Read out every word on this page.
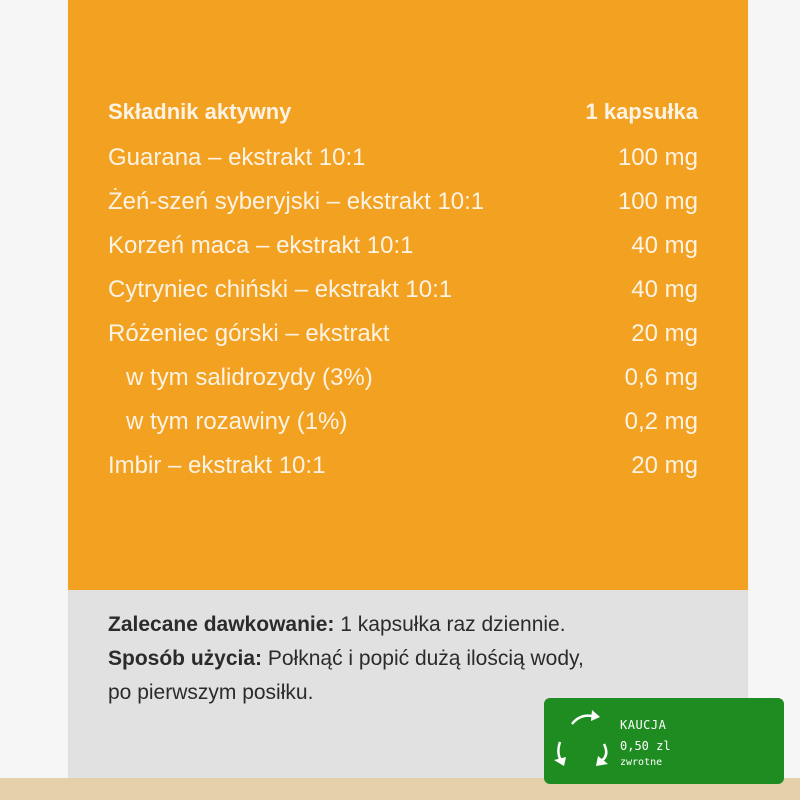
Składnik aktywny	1 kapsułka
Guarana – ekstrakt 10:1	100 mg
Żeń-szeń syberyjski – ekstrakt 10:1	100 mg
Korzeń maca – ekstrakt 10:1	40 mg
Cytryniec chiński – ekstrakt 10:1	40 mg
Różeniec górski – ekstrakt	20 mg
w tym salidrozydy (3%)	0,6 mg
w tym rozawiny (1%)	0,2 mg
Imbir – ekstrakt 10:1	20 mg

Zalecane dawkowanie: 1 kapsułka raz dziennie.

Sposób użycia: Połknąć i popić dużą ilością wody,

po pierwszym posiłku.

KAUCJA
0,50 zl
zwrotne
